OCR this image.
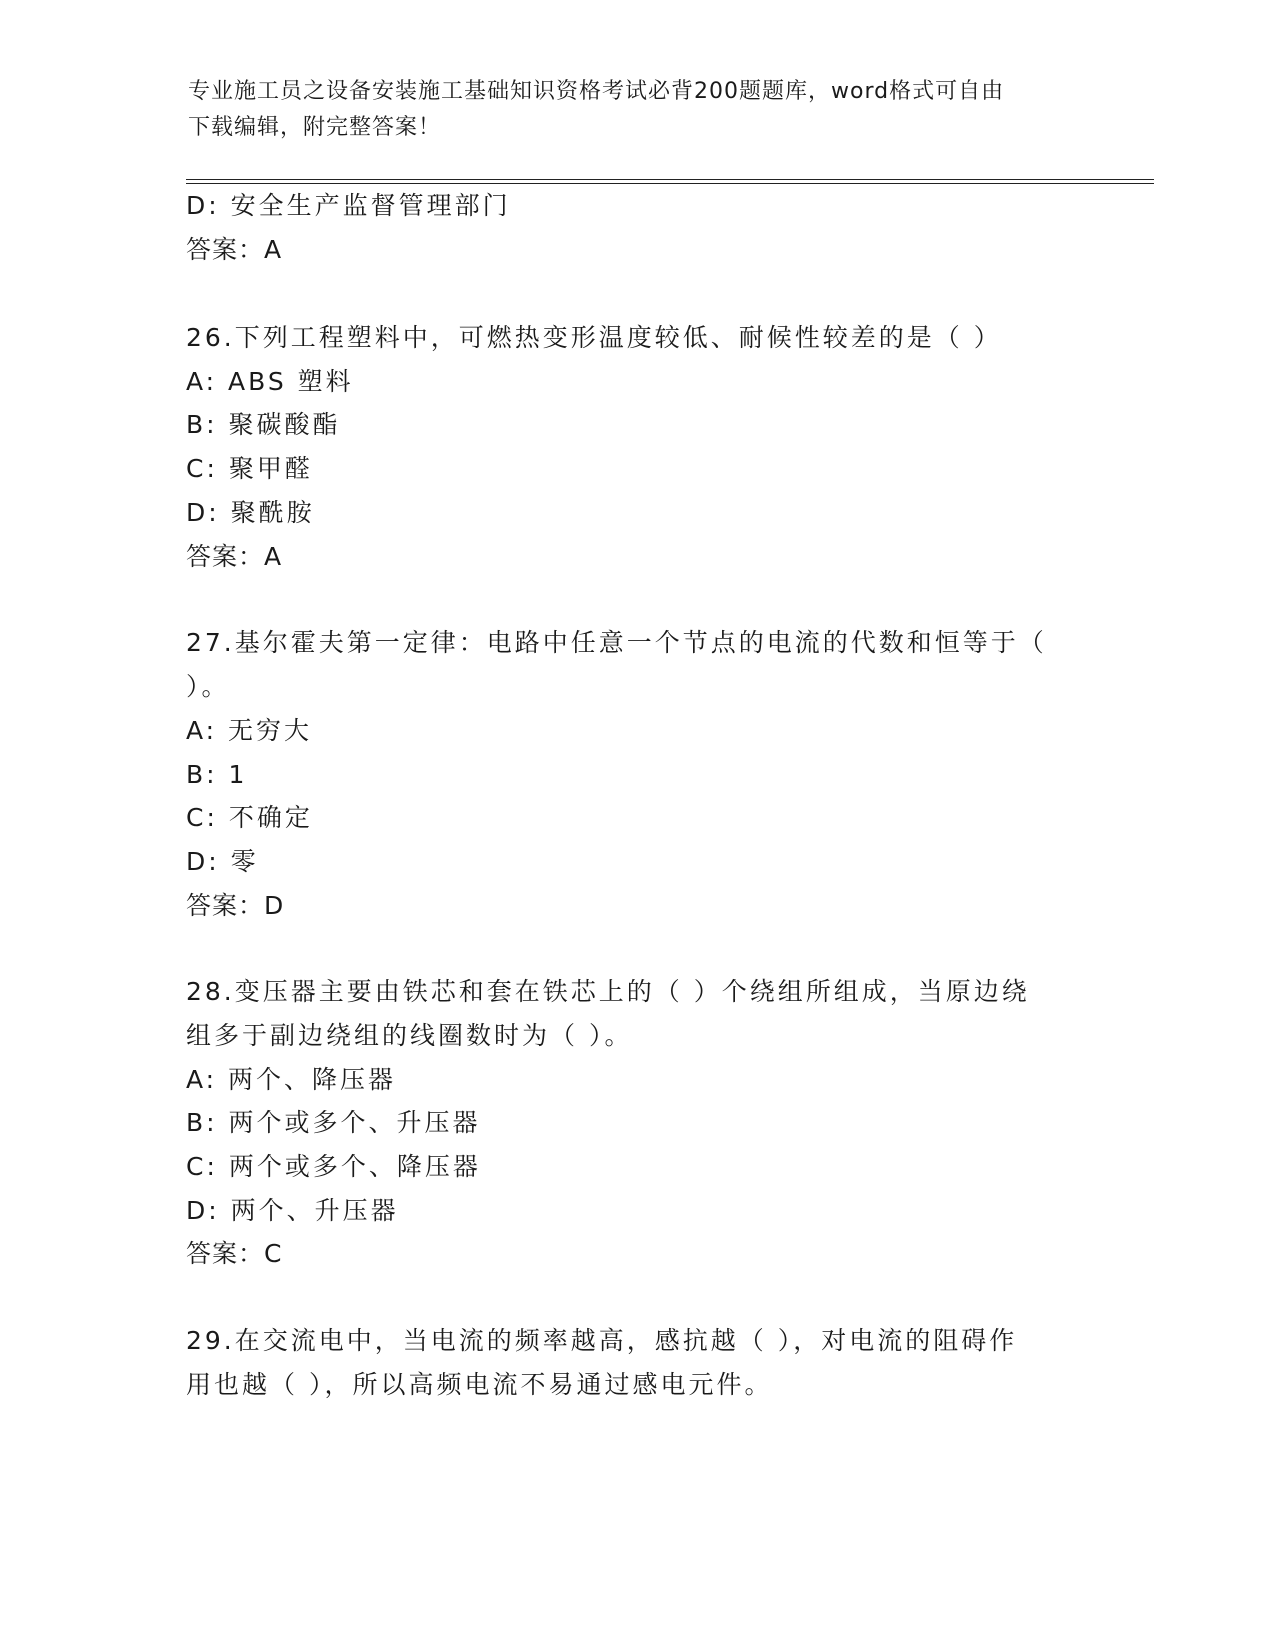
专业施工员之设备安装施工基础知识资格考试必背200题题库，word格式可自由
下载编辑，附完整答案！
D: 安全生产监督管理部门
答案：A
26.下列工程塑料中，可燃热变形温度较低、耐候性较差的是（ ）
A: ABS 塑料
B: 聚碳酸酯
C: 聚甲醛
D: 聚酰胺
答案：A
27.基尔霍夫第一定律：电路中任意一个节点的电流的代数和恒等于（
）。
A: 无穷大
B: 1
C: 不确定
D: 零
答案：D
28.变压器主要由铁芯和套在铁芯上的（ ）个绕组所组成，当原边绕
组多于副边绕组的线圈数时为（ ）。
A: 两个、降压器
B: 两个或多个、升压器
C: 两个或多个、降压器
D: 两个、升压器
答案：C
29.在交流电中，当电流的频率越高，感抗越（ ），对电流的阻碍作
用也越（ ），所以高频电流不易通过感电元件。
